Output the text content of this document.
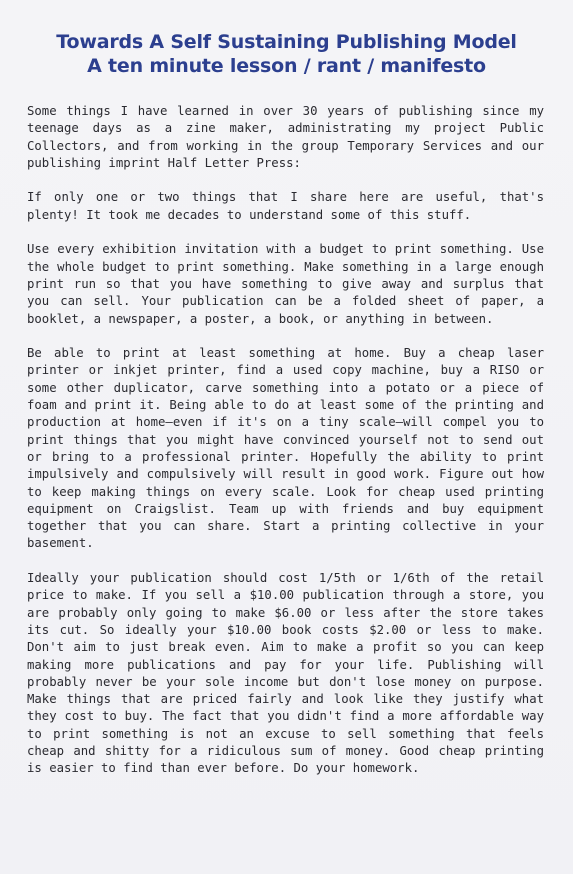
Towards A Self Sustaining Publishing Model
A ten minute lesson / rant / manifesto

Some things I have learned in over 30 years of publishing since my teenage days as a zine maker, administrating my project Public Collectors, and from working in the group Temporary Services and our publishing imprint Half Letter Press:

If only one or two things that I share here are useful, that's plenty! It took me decades to understand some of this stuff.

Use every exhibition invitation with a budget to print something. Use the whole budget to print something. Make something in a large enough print run so that you have something to give away and surplus that you can sell. Your publication can be a folded sheet of paper, a booklet, a newspaper, a poster, a book, or anything in between.

Be able to print at least something at home. Buy a cheap laser printer or inkjet printer, find a used copy machine, buy a RISO or some other duplicator, carve something into a potato or a piece of foam and print it. Being able to do at least some of the printing and production at home—even if it's on a tiny scale—will compel you to print things that you might have convinced yourself not to send out or bring to a professional printer. Hopefully the ability to print impulsively and compulsively will result in good work. Figure out how to keep making things on every scale. Look for cheap used printing equipment on Craigslist. Team up with friends and buy equipment together that you can share. Start a printing collective in your basement.

Ideally your publication should cost 1/5th or 1/6th of the retail price to make. If you sell a $10.00 publication through a store, you are probably only going to make $6.00 or less after the store takes its cut. So ideally your $10.00 book costs $2.00 or less to make. Don't aim to just break even. Aim to make a profit so you can keep making more publications and pay for your life. Publishing will probably never be your sole income but don't lose money on purpose. Make things that are priced fairly and look like they justify what they cost to buy. The fact that you didn't find a more affordable way to print something is not an excuse to sell something that feels cheap and shitty for a ridiculous sum of money. Good cheap printing is easier to find than ever before. Do your homework.
